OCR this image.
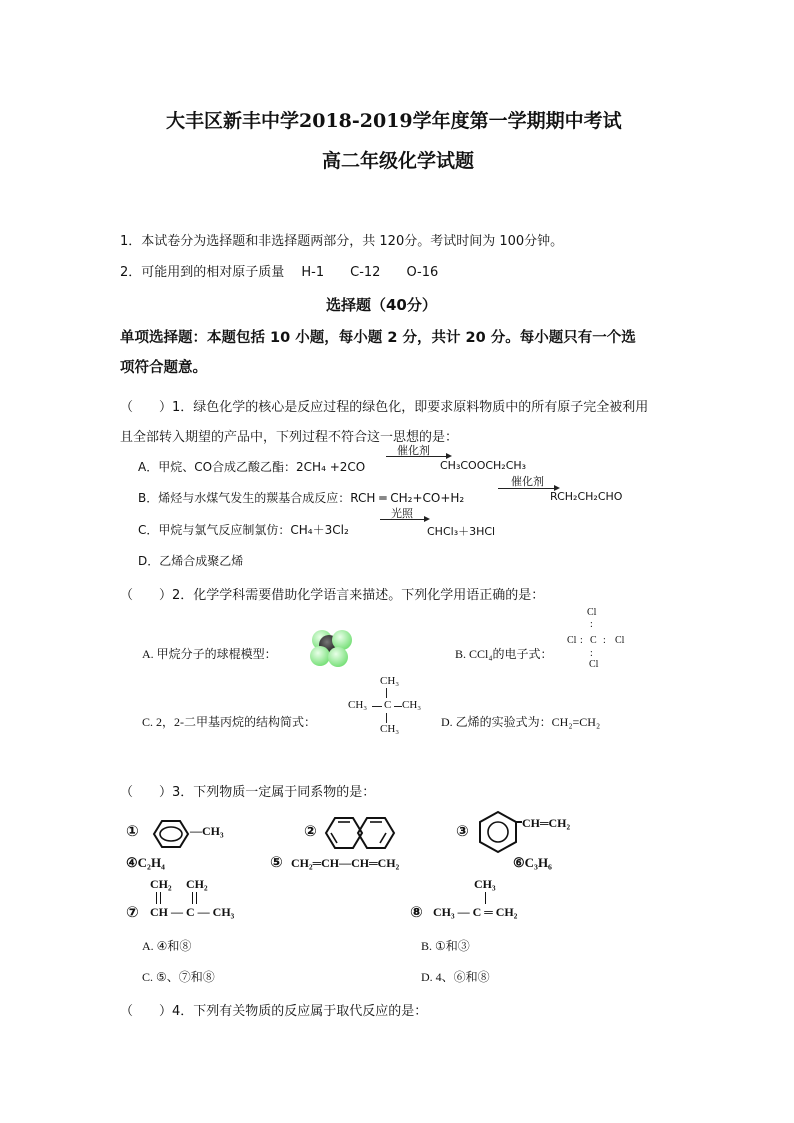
大丰区新丰中学2018-2019学年度第一学期期中考试
高二年级化学试题
1．本试卷分为选择题和非选择题两部分，共 120分。考试时间为 100分钟。
2．可能用到的相对原子质量　 H-1　　C-12　　O-16
选择题（40分）
单项选择题：本题包括 10 小题，每小题 2 分，共计 20 分。每小题只有一个选
项符合题意。
（　　）1．绿色化学的核心是反应过程的绿色化，即要求原料物质中的所有原子完全被利用
且全部转入期望的产品中，下列过程不符合这一思想的是：
A．甲烷、CO合成乙酸乙酯：2CH₄ +2CO
催化剂
CH₃COOCH₂CH₃
B．烯烃与水煤气发生的羰基合成反应：RCH ═ CH₂+CO+H₂
催化剂
RCH₂CH₂CHO
C．甲烷与氯气反应制氯仿：CH₄＋3Cl₂
光照
CHCl₃＋3HCl
D．乙烯合成聚乙烯
（　　）2．化学学科需要借助化学语言来描述。下列化学用语正确的是：
A. 甲烷分子的球棍模型：	B. CCl₄的电子式：
Cl
:
Cl : C : Cl
:
Cl
C. 2，2-二甲基丙烷的结构简式：
CH₃
CH₃ C CH₃
CH₃	D. 乙烯的实验式为：CH₂=CH₂
（　　）3．下列物质一定属于同系物的是：
①	—CH₃	②	③	CH═CH₂
④C₂H₄	⑤ CH₂═CH—CH═CH₂	⑥C₃H₆
CH₂ CH₂
⑦ CH — C — CH₃
CH₃
⑧ CH₃ — C ═ CH₂
A. ④和⑧	B. ①和③
C. ⑤、⑦和⑧	D. 4、⑥和⑧
（　　）4．下列有关物质的反应属于取代反应的是：
